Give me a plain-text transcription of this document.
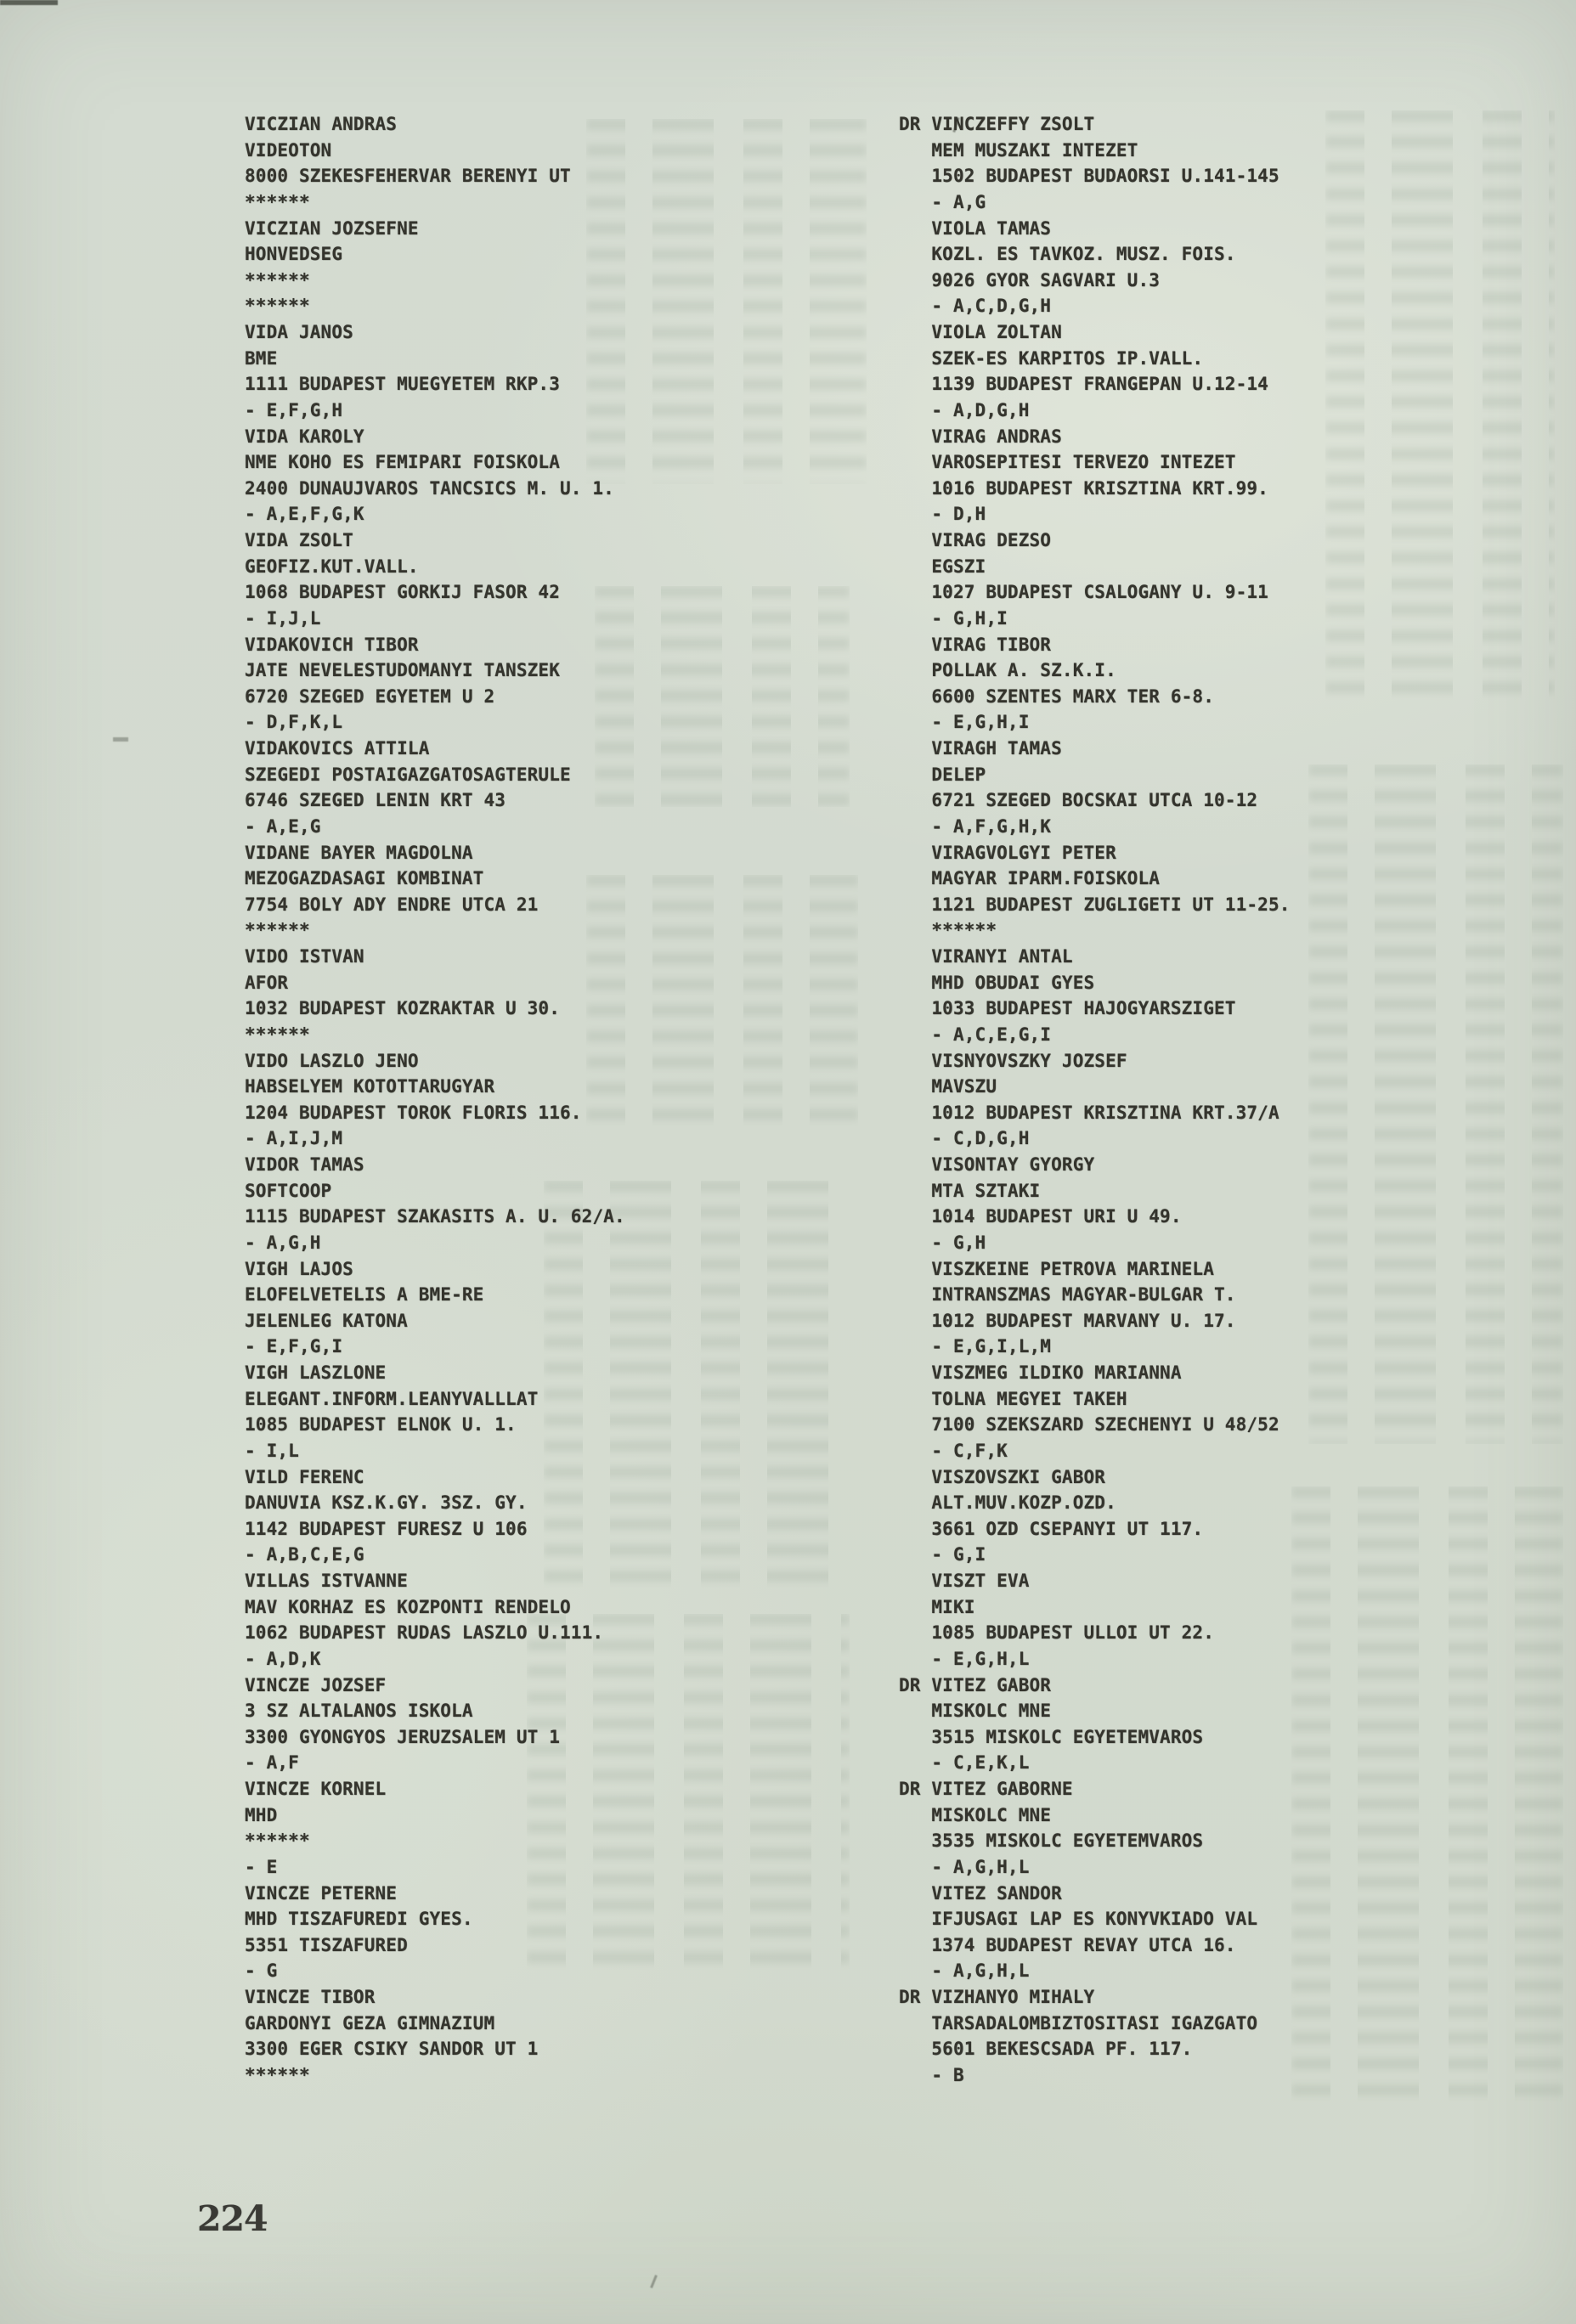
VICZIAN ANDRAS
VIDEOTON
8000 SZEKESFEHERVAR BERENYI UT
******
VICZIAN JOZSEFNE
HONVEDSEG
******
******
VIDA JANOS
BME
1111 BUDAPEST MUEGYETEM RKP.3
- E,F,G,H
VIDA KAROLY
NME KOHO ES FEMIPARI FOISKOLA
2400 DUNAUJVAROS TANCSICS M. U. 1.
- A,E,F,G,K
VIDA ZSOLT
GEOFIZ.KUT.VALL.
1068 BUDAPEST GORKIJ FASOR 42
- I,J,L
VIDAKOVICH TIBOR
JATE NEVELESTUDOMANYI TANSZEK
6720 SZEGED EGYETEM U 2
- D,F,K,L
VIDAKOVICS ATTILA
SZEGEDI POSTAIGAZGATOSAGTERULE
6746 SZEGED LENIN KRT 43
- A,E,G
VIDANE BAYER MAGDOLNA
MEZOGAZDASAGI KOMBINAT
7754 BOLY ADY ENDRE UTCA 21
******
VIDO ISTVAN
AFOR
1032 BUDAPEST KOZRAKTAR U 30.
******
VIDO LASZLO JENO
HABSELYEM KOTOTTARUGYAR
1204 BUDAPEST TOROK FLORIS 116.
- A,I,J,M
VIDOR TAMAS
SOFTCOOP
1115 BUDAPEST SZAKASITS A. U. 62/A.
- A,G,H
VIGH LAJOS
ELOFELVETELIS A BME-RE
JELENLEG KATONA
- E,F,G,I
VIGH LASZLONE
ELEGANT.INFORM.LEANYVALLLAT
1085 BUDAPEST ELNOK U. 1.
- I,L
VILD FERENC
DANUVIA KSZ.K.GY. 3SZ. GY.
1142 BUDAPEST FURESZ U 106
- A,B,C,E,G
VILLAS ISTVANNE
MAV KORHAZ ES KOZPONTI RENDELO
1062 BUDAPEST RUDAS LASZLO U.111.
- A,D,K
VINCZE JOZSEF
3 SZ ALTALANOS ISKOLA
3300 GYONGYOS JERUZSALEM UT 1
- A,F
VINCZE KORNEL
MHD
******
- E
VINCZE PETERNE
MHD TISZAFUREDI GYES.
5351 TISZAFURED
- G
VINCZE TIBOR
GARDONYI GEZA GIMNAZIUM
3300 EGER CSIKY SANDOR UT 1
******
DR VINCZEFFY ZSOLT
MEM MUSZAKI INTEZET
1502 BUDAPEST BUDAORSI U.141-145
- A,G
VIOLA TAMAS
KOZL. ES TAVKOZ. MUSZ. FOIS.
9026 GYOR SAGVARI U.3
- A,C,D,G,H
VIOLA ZOLTAN
SZEK-ES KARPITOS IP.VALL.
1139 BUDAPEST FRANGEPAN U.12-14
- A,D,G,H
VIRAG ANDRAS
VAROSEPITESI TERVEZO INTEZET
1016 BUDAPEST KRISZTINA KRT.99.
- D,H
VIRAG DEZSO
EGSZI
1027 BUDAPEST CSALOGANY U. 9-11
- G,H,I
VIRAG TIBOR
POLLAK A. SZ.K.I.
6600 SZENTES MARX TER 6-8.
- E,G,H,I
VIRAGH TAMAS
DELEP
6721 SZEGED BOCSKAI UTCA 10-12
- A,F,G,H,K
VIRAGVOLGYI PETER
MAGYAR IPARM.FOISKOLA
1121 BUDAPEST ZUGLIGETI UT 11-25.
******
VIRANYI ANTAL
MHD OBUDAI GYES
1033 BUDAPEST HAJOGYARSZIGET
- A,C,E,G,I
VISNYOVSZKY JOZSEF
MAVSZU
1012 BUDAPEST KRISZTINA KRT.37/A
- C,D,G,H
VISONTAY GYORGY
MTA SZTAKI
1014 BUDAPEST URI U 49.
- G,H
VISZKEINE PETROVA MARINELA
INTRANSZMAS MAGYAR-BULGAR T.
1012 BUDAPEST MARVANY U. 17.
- E,G,I,L,M
VISZMEG ILDIKO MARIANNA
TOLNA MEGYEI TAKEH
7100 SZEKSZARD SZECHENYI U 48/52
- C,F,K
VISZOVSZKI GABOR
ALT.MUV.KOZP.OZD.
3661 OZD CSEPANYI UT 117.
- G,I
VISZT EVA
MIKI
1085 BUDAPEST ULLOI UT 22.
- E,G,H,L
DR VITEZ GABOR
MISKOLC MNE
3515 MISKOLC EGYETEMVAROS
- C,E,K,L
DR VITEZ GABORNE
MISKOLC MNE
3535 MISKOLC EGYETEMVAROS
- A,G,H,L
VITEZ SANDOR
IFJUSAGI LAP ES KONYVKIADO VAL
1374 BUDAPEST REVAY UTCA 16.
- A,G,H,L
DR VIZHANYO MIHALY
TARSADALOMBIZTOSITASI IGAZGATO
5601 BEKESCSADA PF. 117.
- B
224
